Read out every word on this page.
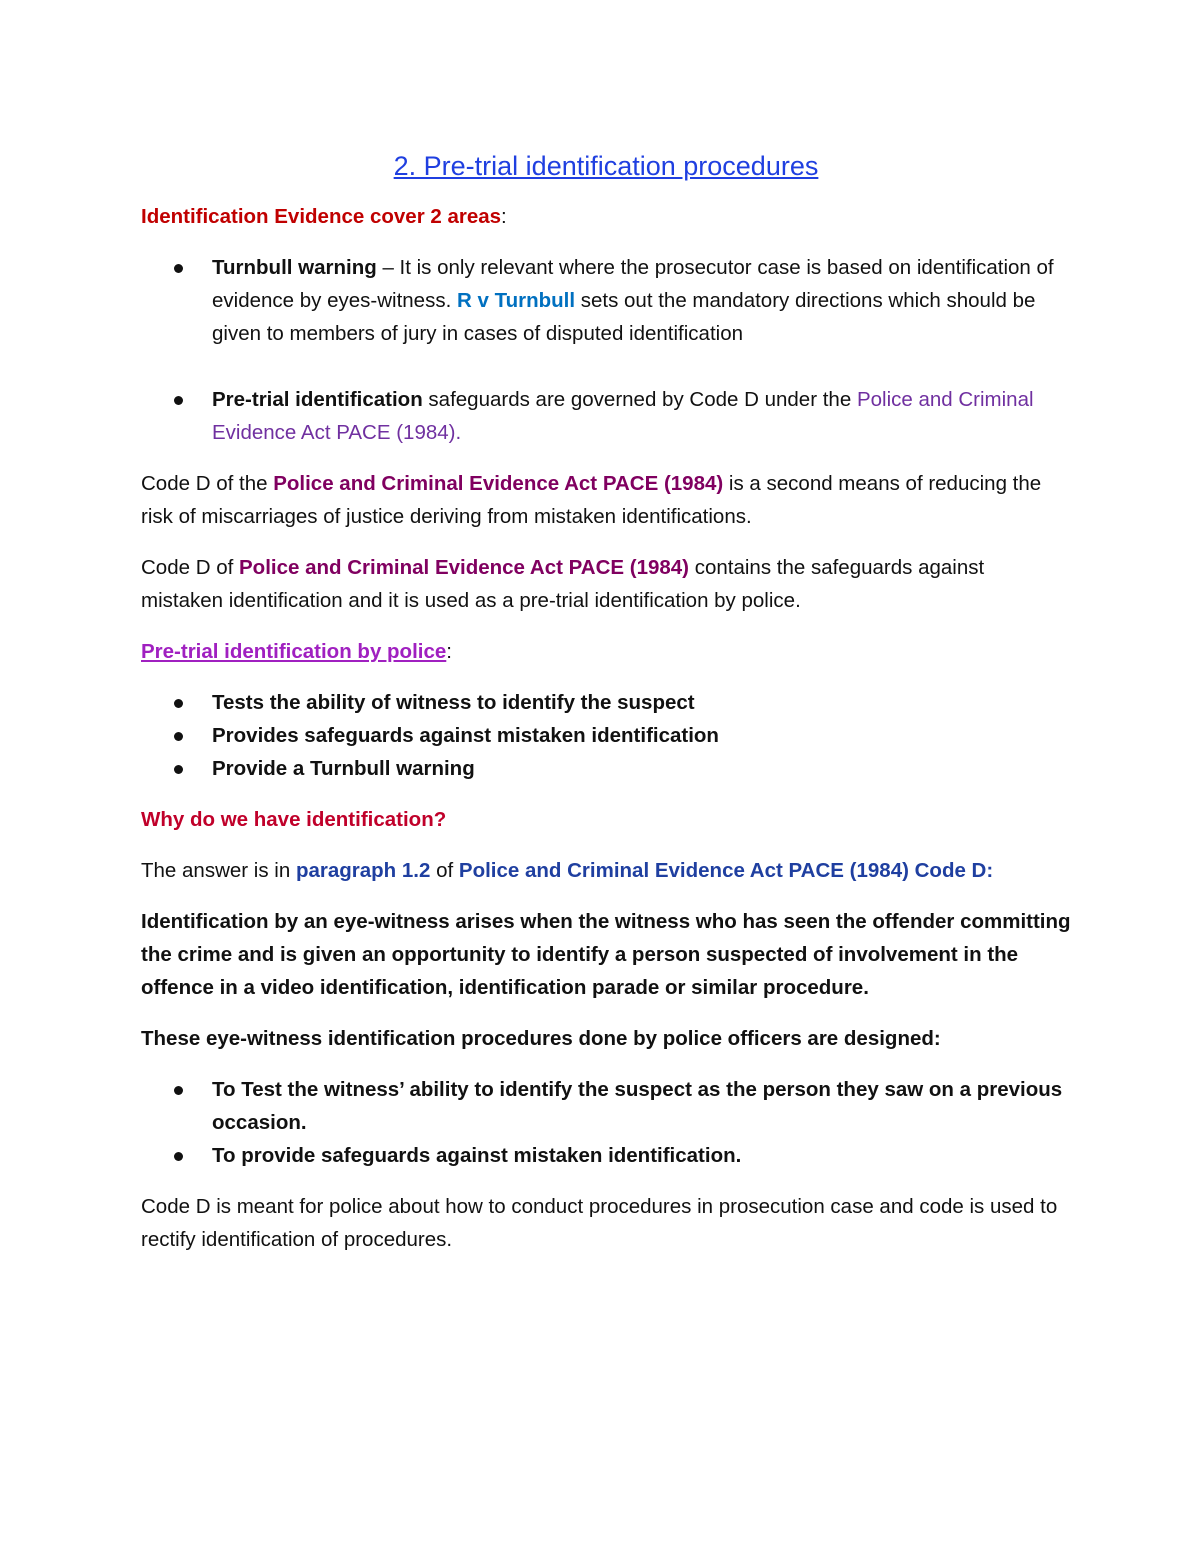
2. Pre-trial identification procedures

Identification Evidence cover 2 areas:

Turnbull warning – It is only relevant where the prosecutor case is based on identification of evidence by eyes-witness. R v Turnbull sets out the mandatory directions which should be given to members of jury in cases of disputed identification
Pre-trial identification safeguards are governed by Code D under the Police and Criminal Evidence Act PACE (1984).

Code D of the Police and Criminal Evidence Act PACE (1984) is a second means of reducing the risk of miscarriages of justice deriving from mistaken identifications.

Code D of Police and Criminal Evidence Act PACE (1984) contains the safeguards against mistaken identification and it is used as a pre-trial identification by police.

Pre-trial identification by police:

Tests the ability of witness to identify the suspect
Provides safeguards against mistaken identification
Provide a Turnbull warning

Why do we have identification?

The answer is in paragraph 1.2 of Police and Criminal Evidence Act PACE (1984) Code D:

Identification by an eye-witness arises when the witness who has seen the offender committing the crime and is given an opportunity to identify a person suspected of involvement in the offence in a video identification, identification parade or similar procedure.

These eye-witness identification procedures done by police officers are designed:

To Test the witness’ ability to identify the suspect as the person they saw on a previous occasion.
To provide safeguards against mistaken identification.

Code D is meant for police about how to conduct procedures in prosecution case and code is used to rectify identification of procedures.
